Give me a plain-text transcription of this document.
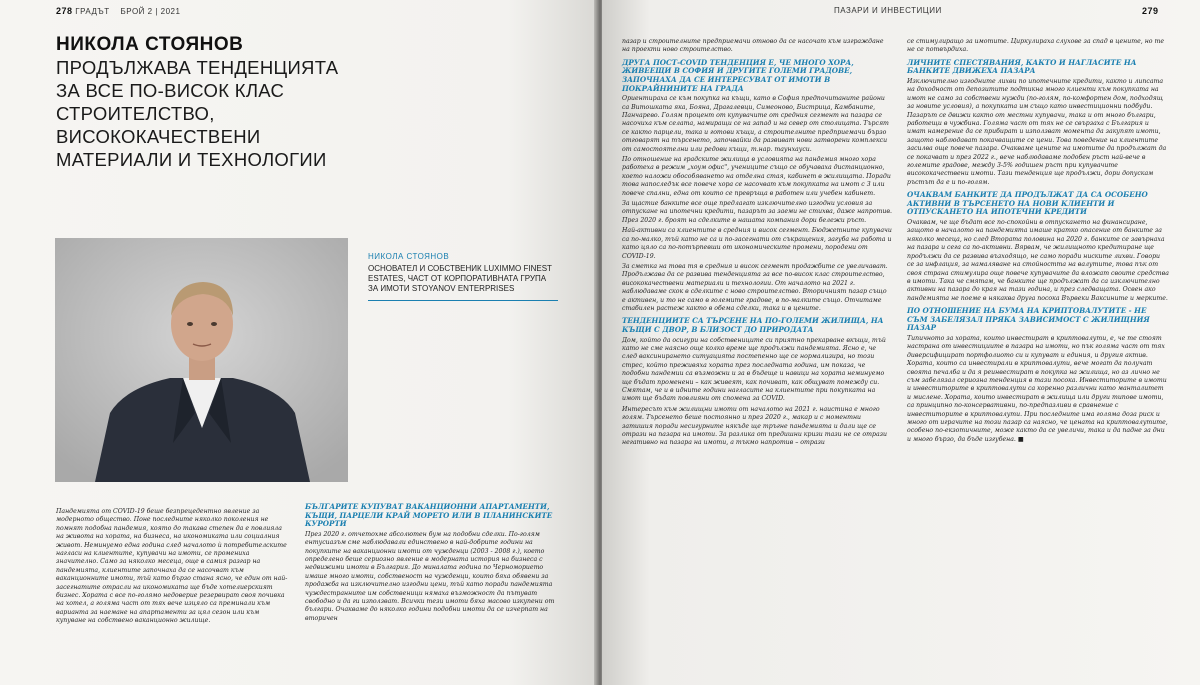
278 ГРАДЪТ БРОЙ 2 | 2021
НИКОЛА СТОЯНОВ
ПРОДЪЛЖАВА ТЕНДЕНЦИЯТА ЗА ВСЕ ПО-ВИСОК КЛАС СТРОИТЕЛСТВО, ВИСОКОКАЧЕСТВЕНИ МАТЕРИАЛИ И ТЕХНОЛОГИИ
НИКОЛА СТОЯНОВ
ОСНОВАТЕЛ И СОБСТВЕНИК LUXIMMO FINEST ESTATES, ЧАСТ ОТ КОРПОРАТИВНАТА ГРУПА ЗА ИМОТИ STOYANOV ENTERPRISES

Пандемията от COVID-19 беше безпрецедентно явление за модерното общество. Поне последните няколко поколения не помнят подобна пандемия, която до такава степен да е повлияла на живота на хората, на бизнеса, на икономиката или социалния живот. Неминуемо една година след началото ѝ потребителските нагласи на клиентите, купувачи на имоти, се промениха значително. Само за няколко месеца, още в самия разгар на пандемията, клиентите започнаха да се насочват към ваканционните имоти, тъй като бързо стана ясно, че един от най-засегнатите отрасли на икономиката ще бъде хотелиерският бизнес. Хората с все по-голямо недоверие резервират своя почивка на хотел, а голяма част от тях вече изцяло са преминали към варианта за наемане на апартаменти за цял сезон или към купуване на собствено ваканционно жилище.

БЪЛГАРИТЕ КУПУВАТ ВАКАНЦИОННИ АПАРТАМЕНТИ, КЪЩИ, ПАРЦЕЛИ КРАЙ МОРЕТО ИЛИ В ПЛАНИНСКИТЕ КУРОРТИ

През 2020 г. отчетохме абсолютен бум на подобни сделки. По-голям ентусиазъм сме наблюдавали единствено в най-добрите години на покупките на ваканционни имоти от чужденци (2003 - 2008 г.), което определено беше сериозно явление в модерната история на бизнеса с недвижими имоти в България. До миналата година по Черноморието имаше много имоти, собственост на чужденци, които бяха обявени за продажба на изключително изгодни цени, тъй като поради пандемията чуждестранните им собственици нямаха възможност да пътуват свободно и да ги използват. Всички тези имоти бяха масово изкупени от българи. Очакваме до няколко години подобни имоти да се изчерпат на вторичен

ПАЗАРИ И ИНВЕСТИЦИИ	279

пазар и строителните предприемачи отново да се насочат към изграждане на проекти ново строителство.

ДРУГА ПОСТ-COVID ТЕНДЕНЦИЯ Е, ЧЕ МНОГО ХОРА, ЖИВЕЕЩИ В СОФИЯ И ДРУГИТЕ ГОЛЕМИ ГРАДОВЕ, ЗАПОЧНАХА ДА СЕ ИНТЕРЕСУВАТ ОТ ИМОТИ В ПОКРАЙНИНИТЕ НА ГРАДА

Ориентираха се към покупка на къщи, като в София предпочитаните райони са Витошката яка, Бояна, Драгалевци, Симеоново, Бистрица, Камбаните, Панчарево. Голям процент от купувачите от средния сегмент на пазара се насочиха към селата, намиращи се на запад и на север от столицата. Търсят се както парцели, така и готови къщи, а строителните предприемачи бързо отговарят на търсенето, започвайки да развиват нови затворени комплекси от самостоятелни или редови къщи, т.нар. таунхауси.

По отношение на градските жилища в условията на пандемия много хора работеха в режим „хоум офис", учениците също се обучаваха дистанционно, което наложи обособяването на отделна стая, кабинет в жилищата. Поради това напоследък все повече хора се насочват към покупката на имот с 3 или повече спални, една от които се превръща в работен или учебен кабинет.

За щастие банките все още предлагат изключително изгодни условия за отпускане на ипотечни кредити, пазарът за заеми не стихва, даже напротив. През 2020 г. броят на сделките в нашата компания дори бележи ръст.

Най-активни са клиентите в средния и висок сегмент. Бюджетните купувачи са по-малко, тъй като не са и по-засегнати от съкращения, загуба на работа и като цяло са по-потърпевши от икономическите промени, породени от COVID-19.

За сметка на това тя в средния и висок сегмент продажбите се увеличават. Продължава да се развива тенденцията за все по-висок клас строителство, висококачествени материали и технологии. От началото на 2021 г. наблюдаваме скок в сделките с ново строителство. Вторичният пазар също е активен, и то не само в големите градове, в по-малките също. Отчитаме стабилен растеж както в обема сделки, така и в цените.

ТЕНДЕНЦИИТЕ СА ТЪРСЕНЕ НА ПО-ГОЛЕМИ ЖИЛИЩА, НА КЪЩИ С ДВОР, В БЛИЗОСТ ДО ПРИРОДАТА

Дом, който да осигури на собствениците си приятно прекарване вкъщи, тъй като не сме наясно още колко време ще продължи пандемията. Ясно е, че след ваксинирането ситуацията постепенно ще се нормализира, но този стрес, който преживяха хората през последната година, им показа, че подобни пандемии са възможни и за в бъдеще и навици на хората неминуемо ще бъдат променени – как живеят, как почиват, как общуват помежду си. Смятам, че и в идните години нагласите на клиентите при покупката на имот ще бъдат повлияни от спомена за COVID.

Интересът към жилищни имоти от началото на 2021 г. наистина е много голям. Търсенето беше постоянно и през 2020 г., макар и с моментни затишия поради несигурните някъде ще тръгне пандемията и дали ще се отрази на пазара на имоти. За разлика от предишни кризи тази не се отрази негативно на пазара на имоти, а тъкмо напротив – отрази

се стимулиращо за имотите. Циркулираха слухове за спад в цените, но те не се потвърдиха.

ЛИЧНИТЕ СПЕСТЯВАНИЯ, КАКТО И НАГЛАСИТЕ НА БАНКИТЕ ДВИЖЕХА ПАЗАРА

Изключително изгодните лихви по ипотечните кредити, както и липсата на доходност от депозитите подтикна много клиенти към покупката на имот не само за собствени нужди (по-голям, по-комфортен дом, подходящ за новите условия), а покупката им също като инвестиционни подбуди. Пазарът се движи както от местни купувачи, така и от много българи, работещи в чужбина. Голяма част от тях не се свързаха с България и имат намерение да се прибират и използват момента да закупят имоти, защото наблюдават покачващите се цени. Това поведение на клиентите засилва още повече пазара. Очакваме цените на имотите да продължат да се покачват и през 2022 г., вече наблюдаваме подобен ръст най-вече в големите градове, между 3-5% годишен ръст при купувачите висококачествени имоти. Тази тенденция ще продължи, дори допускам ръстът да е и по-голям.

ОЧАКВАМ БАНКИТЕ ДА ПРОДЪЛЖАТ ДА СА ОСОБЕНО АКТИВНИ В ТЪРСЕНЕТО НА НОВИ КЛИЕНТИ И ОТПУСКАНЕТО НА ИПОТЕЧНИ КРЕДИТИ

Очаквам, че ще бъдат все по-спокойни в отпускането на финансиране, защото в началото на пандемията имаше кратко опасение от банките за няколко месеца, но след Втората половина на 2020 г. банките се завърнаха на пазара и сега са по-активни. Вярвам, че жилищното кредитиране ще продължи да се развива възходящо, не само поради ниските лихви. Говори се за инфлация, за намаляване на стойността на валутите, това пък от своя страна стимулира още повече купувачите да вложат своите средства в имоти. Така че смятам, че банките ще продължат да са изключително активни на пазара до края на тази година, и през следващата. Освен ако пандемията не поеме в някаква друга посока Вървеки Ваксините и мерките.

ПО ОТНОШЕНИЕ НА БУМА НА КРИПТОВАЛУТИТЕ - НЕ СЪМ ЗАБЕЛЯЗАЛ ПРЯКА ЗАВИСИМОСТ С ЖИЛИЩНИЯ ПАЗАР

Типичното за хората, които инвестират в криптовалути, е, че те стоят настрана от инвестициите в пазара на имоти, но пък голяма част от тях диверсифицират портфолиото си и купуват и единия, и другия актив. Хората, които са инвестирали в криптовалути, вече могат да получат своята печалба и да я реинвестират в покупка на жилища, но аз лично не съм забелязал сериозна тенденция в тази посока. Инвеститорите в имоти и инвеститорите в криптовалути са коренно различни като манталитет и мислене. Хората, които инвестират в жилища или други типове имоти, са принципно по-консервативни, по-предпазливи в сравнение с инвеститорите в криптовалути. При последните има голяма доза риск и много от играчите на този пазар са наясно, че цената на криптовалутите, особено по-екзотичните, може както да се увеличи, така и да падне за дни и много бързо, да бъде изгубена. ■
